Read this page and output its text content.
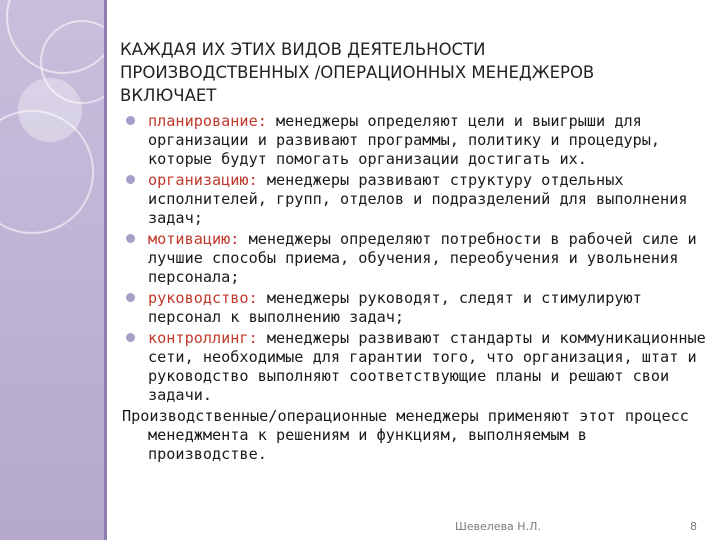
КАЖДАЯ ИХ ЭТИХ ВИДОВ ДЕЯТЕЛЬНОСТИ ПРОИЗВОДСТВЕННЫХ /ОПЕРАЦИОННЫХ МЕНЕДЖЕРОВ ВКЛЮЧАЕТ
планирование: менеджеры определяют цели и выигрыши для организации и развивают программы, политику и процедуры, которые будут помогать организации достигать их.
организацию: менеджеры развивают структуру отдельных исполнителей, групп, отделов и подразделений для выполнения задач;
мотивацию: менеджеры определяют потребности в рабочей силе и лучшие способы приема, обучения, переобучения и увольнения персонала;
руководство: менеджеры руководят, следят и стимулируют персонал к выполнению задач;
контроллинг: менеджеры развивают стандарты и коммуникационные сети, необходимые для гарантии того, что организация, штат и руководство выполняют соответствующие планы и решают свои задачи.
Производственные/операционные менеджеры применяют этот процесс менеджмента к решениям и функциям, выполняемым в производстве.
Шевелева Н.Л.	8
